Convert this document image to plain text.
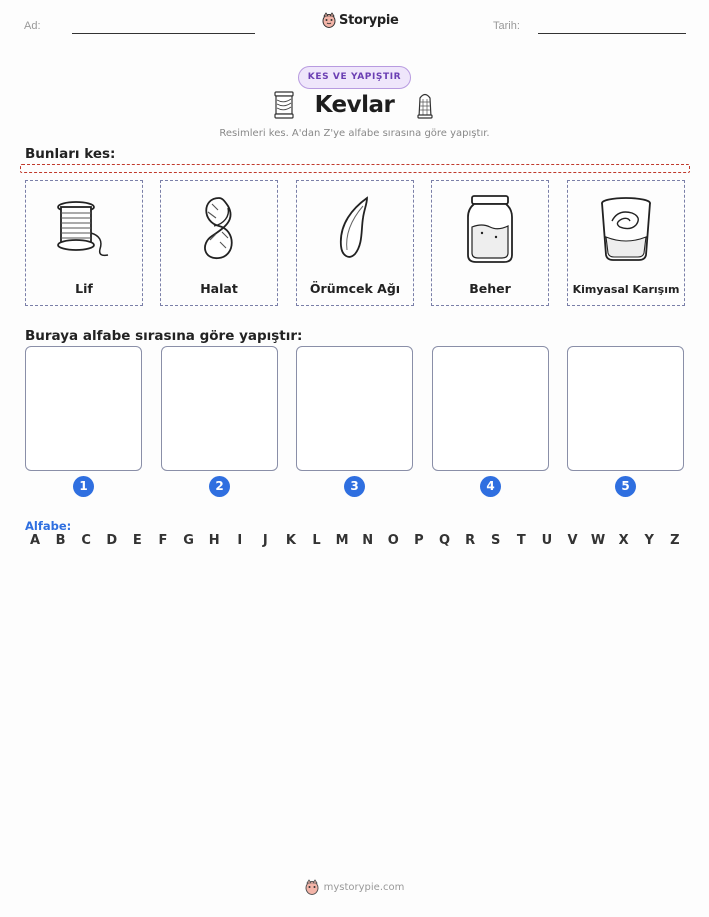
Ad:	Storypie	Tarih:
KES VE YAPIŞTIR
Kevlar
Resimleri kes. A'dan Z'ye alfabe sırasına göre yapıştır.
Bunları kes:
Lif	Halat	Örümcek Ağı	Beher	Kimyasal Karışım
Buraya alfabe sırasına göre yapıştır:
1	2	3	4	5
Alfabe:
A	B	C	D	E	F	G	H	I	J	K	L	M	N	O	P	Q	R	S	T	U	V	W	X	Y	Z
mystorypie.com
